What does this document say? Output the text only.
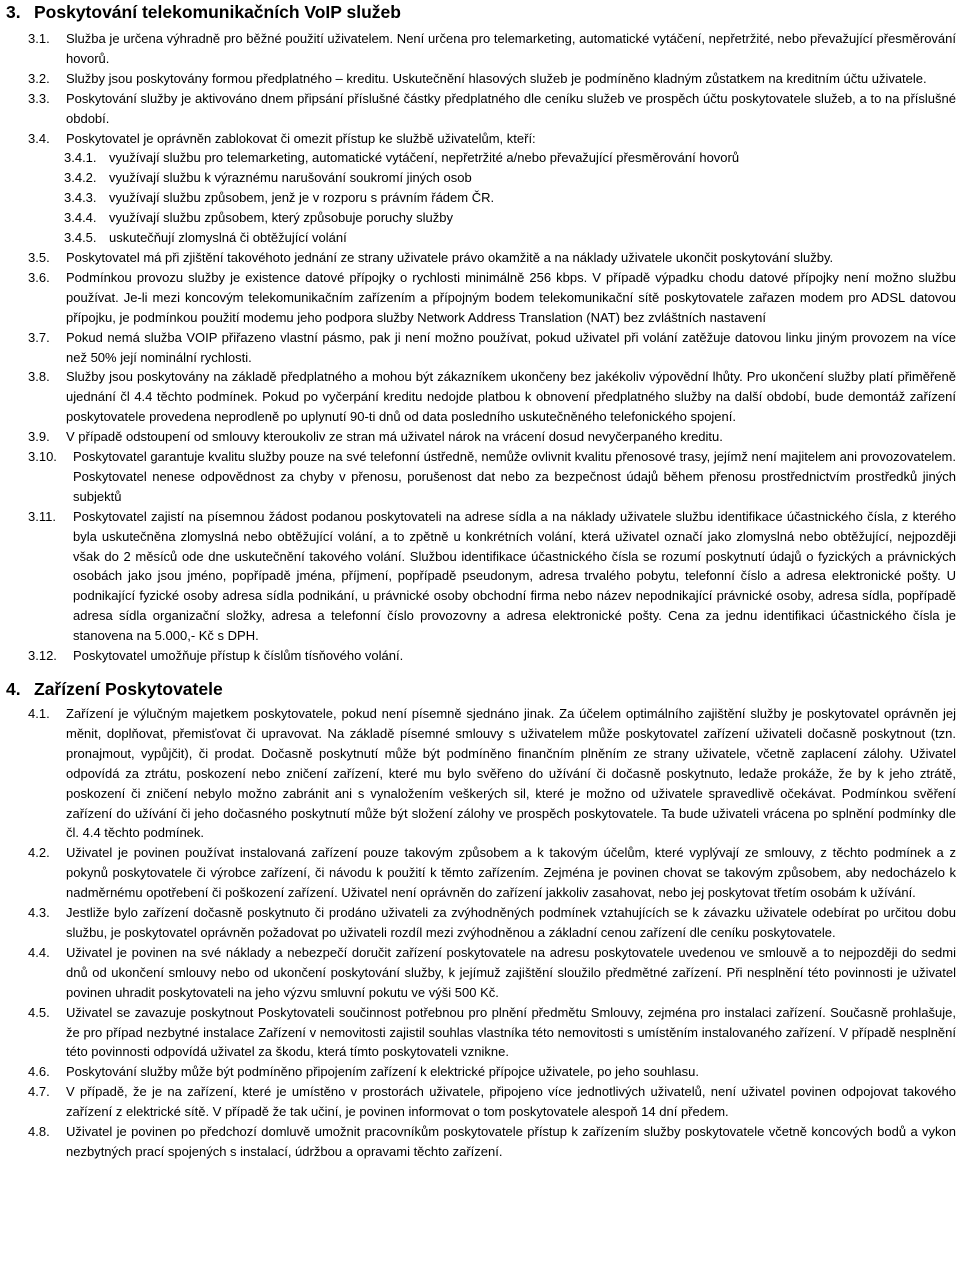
3. Poskytování telekomunikačních VoIP služeb
3.1.	Služba je určena výhradně pro běžné použití uživatelem. Není určena pro telemarketing, automatické vytáčení, nepřetržité, nebo převažující přesměrování hovorů.
3.2.	Služby jsou poskytovány formou předplatného – kreditu. Uskutečnění hlasových služeb je podmíněno kladným zůstatkem na kreditním účtu uživatele.
3.3.	Poskytování služby je aktivováno dnem připsání příslušné částky předplatného dle ceníku služeb ve prospěch účtu poskytovatele služeb, a to na příslušné období.
3.4.	Poskytovatel je oprávněn zablokovat či omezit přístup ke službě uživatelům, kteří:
3.4.1. využívají službu pro telemarketing, automatické vytáčení, nepřetržité a/nebo převažující přesměrování hovorů
3.4.2. využívají službu k výraznému narušování soukromí jiných osob
3.4.3. využívají službu způsobem, jenž je v rozporu s právním řádem ČR.
3.4.4. využívají službu způsobem, který způsobuje poruchy služby
3.4.5. uskutečňují zlomyslná či obtěžující volání
3.5.	Poskytovatel má při zjištění takovéhoto jednání ze strany uživatele právo okamžitě a na náklady uživatele ukončit poskytování služby.
3.6.	Podmínkou provozu služby je existence datové přípojky o rychlosti minimálně 256 kbps. V případě výpadku chodu datové přípojky není možno službu používat. Je-li mezi koncovým telekomunikačním zařízením a přípojným bodem telekomunikační sítě poskytovatele zařazen modem pro ADSL datovou přípojku, je podmínkou použití modemu jeho podpora služby Network Address Translation (NAT) bez zvláštních nastavení
3.7.	Pokud nemá služba VOIP přiřazeno vlastní pásmo, pak ji není možno používat, pokud uživatel při volání zatěžuje datovou linku jiným provozem na více než 50% její nominální rychlosti.
3.8.	Služby jsou poskytovány na základě předplatného a mohou být zákazníkem ukončeny bez jakékoliv výpovědní lhůty. Pro ukončení služby platí přiměřeně ujednání čl 4.4 těchto podmínek. Pokud po vyčerpání kreditu nedojde platbou k obnovení předplatného služby na další období, bude demontáž zařízení poskytovatele provedena neprodleně po uplynutí 90-ti dnů od data posledního uskutečněného telefonického spojení.
3.9.	V případě odstoupení od smlouvy kteroukoliv ze stran má uživatel nárok na vrácení dosud nevyčerpaného kreditu.
3.10.	Poskytovatel garantuje kvalitu služby pouze na své telefonní ústředně, nemůže ovlivnit kvalitu přenosové trasy, jejímž není majitelem ani provozovatelem. Poskytovatel nenese odpovědnost za chyby v přenosu, porušenost dat nebo za bezpečnost údajů během přenosu prostřednictvím prostředků jiných subjektů
3.11.	Poskytovatel zajistí na písemnou žádost podanou poskytovateli na adrese sídla a na náklady uživatele službu identifikace účastnického čísla, z kterého byla uskutečněna zlomyslná nebo obtěžující volání, a to zpětně u konkrétních volání, která uživatel označí jako zlomyslná nebo obtěžující, nejpozději však do 2 měsíců ode dne uskutečnění takového volání. Službou identifikace účastnického čísla se rozumí poskytnutí údajů o fyzických a právnických osobách jako jsou jméno, popřípadě jména, příjmení, popřípadě pseudonym, adresa trvalého pobytu, telefonní číslo a adresa elektronické pošty. U podnikající fyzické osoby adresa sídla podnikání, u právnické osoby obchodní firma nebo název nepodnikající právnické osoby, adresa sídla, popřípadě adresa sídla organizační složky, adresa a telefonní číslo provozovny a adresa elektronické pošty. Cena za jednu identifikaci účastnického čísla je stanovena na 5.000,- Kč s DPH.
3.12.	Poskytovatel umožňuje přístup k číslům tísňového volání.
4. Zařízení Poskytovatele
4.1.	Zařízení je výlučným majetkem poskytovatele, pokud není písemně sjednáno jinak. Za účelem optimálního zajištění služby je poskytovatel oprávněn jej měnit, doplňovat, přemisťovat či upravovat. Na základě písemné smlouvy s uživatelem může poskytovatel zařízení uživateli dočasně poskytnout (tzn. pronajmout, vypůjčit), či prodat. Dočasně poskytnutí může být podmíněno finančním plněním ze strany uživatele, včetně zaplacení zálohy. Uživatel odpovídá za ztrátu, poskození nebo zničení zařízení, které mu bylo svěřeno do užívání či dočasně poskytnuto, ledaže prokáže, že by k jeho ztrátě, poskození či zničení nebylo možno zabránit ani s vynaložením veškerých sil, které je možno od uživatele spravedlivě očekávat. Podmínkou svěření zařízení do užívání či jeho dočasného poskytnutí může být složení zálohy ve prospěch poskytovatele. Ta bude uživateli vrácena po splnění podmínky dle čl. 4.4 těchto podmínek.
4.2.	Uživatel je povinen používat instalovaná zařízení pouze takovým způsobem a k takovým účelům, které vyplývají ze smlouvy, z těchto podmínek a z pokynů poskytovatele či výrobce zařízení, či návodu k použití k těmto zařízením. Zejména je povinen chovat se takovým způsobem, aby nedocházelo k nadměrnému opotřebení či poškození zařízení. Uživatel není oprávněn do zařízení jakkoliv zasahovat, nebo jej poskytovat třetím osobám k užívání.
4.3.	Jestliže bylo zařízení dočasně poskytnuto či prodáno uživateli za zvýhodněných podmínek vztahujících se k závazku uživatele odebírat po určitou dobu službu, je poskytovatel oprávněn požadovat po uživateli rozdíl mezi zvýhodněnou a základní cenou zařízení dle ceníku poskytovatele.
4.4.	Uživatel je povinen na své náklady a nebezpečí doručit zařízení poskytovatele na adresu poskytovatele uvedenou ve smlouvě a to nejpozději do sedmi dnů od ukončení smlouvy nebo od ukončení poskytování služby, k jejímuž zajištění sloužilo předmětné zařízení. Při nesplnění této povinnosti je uživatel povinen uhradit poskytovateli na jeho výzvu smluvní pokutu ve výši 500 Kč.
4.5.	Uživatel se zavazuje poskytnout Poskytovateli součinnost potřebnou pro plnění předmětu Smlouvy, zejména pro instalaci zařízení. Současně prohlašuje, že pro případ nezbytné instalace Zařízení v nemovitosti zajistil souhlas vlastníka této nemovitosti s umístěním instalovaného zařízení. V případě nesplnění této povinnosti odpovídá uživatel za škodu, která tímto poskytovateli vznikne.
4.6.	Poskytování služby může být podmíněno připojením zařízení k elektrické přípojce uživatele, po jeho souhlasu.
4.7.	V případě, že je na zařízení, které je umístěno v prostorách uživatele, připojeno více jednotlivých uživatelů, není uživatel povinen odpojovat takového zařízení z elektrické sítě. V případě že tak učiní, je povinen informovat o tom poskytovatele alespoň 14 dní předem.
4.8.	Uživatel je povinen po předchozí domluvě umožnit pracovníkům poskytovatele přístup k zařízením služby poskytovatele včetně koncových bodů a vykon nezbytných prací spojených s instalací, údržbou a opravami těchto zařízení.
